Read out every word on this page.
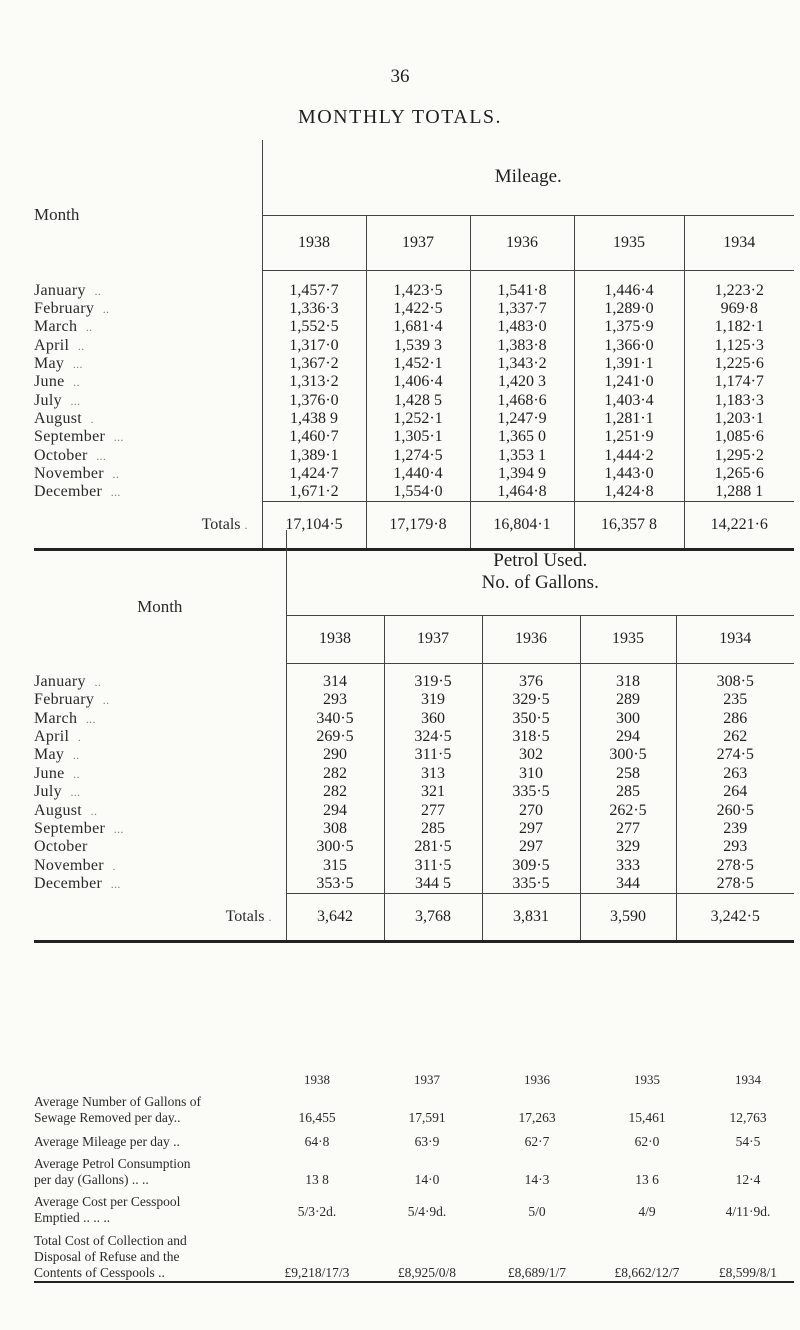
36
MONTHLY TOTALS.
Month	Mileage.				
	1938	1937	1936	1935	1934
January ..	1,457·7	1,423·5	1,541·8	1,446·4	1,223·2
February ..	1,336·3	1,422·5	1,337·7	1,289·0	969·8
March ..	1,552·5	1,681·4	1,483·0	1,375·9	1,182·1
April ..	1,317·0	1,539 3	1,383·8	1,366·0	1,125·3
May ...	1,367·2	1,452·1	1,343·2	1,391·1	1,225·6
June ..	1,313·2	1,406·4	1,420 3	1,241·0	1,174·7
July ...	1,376·0	1,428 5	1,468·6	1,403·4	1,183·3
August .	1,438 9	1,252·1	1,247·9	1,281·1	1,203·1
September ...	1,460·7	1,305·1	1,365 0	1,251·9	1,085·6
October ...	1,389·1	1,274·5	1,353 1	1,444·2	1,295·2
November ..	1,424·7	1,440·4	1,394 9	1,443·0	1,265·6
December ...	1,671·2	1,554·0	1,464·8	1,424·8	1,288 1
Totals .	17,104·5	17,179·8	16,804·1	16,357 8	14,221·6
Month	Petrol Used.
No. of Gallons.				

	1938	1937	1936	1935	1934
January ..	314	319·5	376	318	308·5
February ..	293	319	329·5	289	235
March ...	340·5	360	350·5	300	286
April .	269·5	324·5	318·5	294	262
May ..	290	311·5	302	300·5	274·5
June ..	282	313	310	258	263
July ...	282	321	335·5	285	264
August ..	294	277	270	262·5	260·5
September ...	308	285	297	277	239
October	300·5	281·5	297	329	293
November .	315	311·5	309·5	333	278·5
December ...	353·5	344 5	335·5	344	278·5
Totals .	3,642	3,768	3,831	3,590	3,242·5
	1938	1937	1936	1935	1934

Average Number of Gallons of
Sewage Removed per day..	16,455	17,591	17,263	15,461	12,763

Average Mileage per day ..	64·8	63·9	62·7	62·0	54·5

Average Petrol Consumption
per day (Gallons) .. ..	13 8	14·0	14·3	13 6	12·4

Average Cost per Cesspool
Emptied .. .. ..	5/3·2d.	5/4·9d.	5/0	4/9	4/11·9d.

Total Cost of Collection and
Disposal of Refuse and the
Contents of Cesspools ..	£9,218/17/3	£8,925/0/8	£8,689/1/7	£8,662/12/7	£8,599/8/1
